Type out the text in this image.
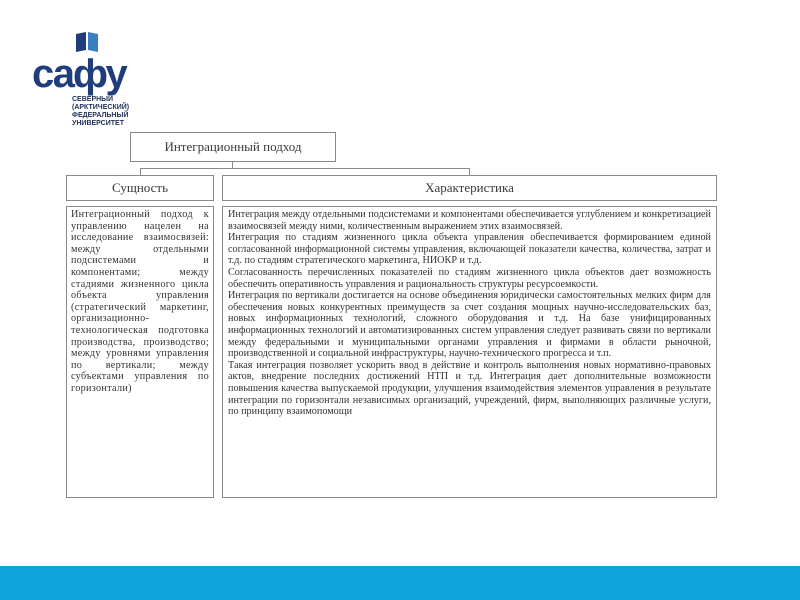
сафу
СЕВЕРНЫЙ
(АРКТИЧЕСКИЙ)
ФЕДЕРАЛЬНЫЙ
УНИВЕРСИТЕТ
Интеграционный подход
Сущность	Характеристика

Интеграционный подход к управлению нацелен на исследование взаимосвязей: между отдельными подсистемами и компонентами; между стадиями жизненного цикла объекта управления (стратегический маркетинг, организационно-технологическая подготовка производства, производство; между уровнями управления по вертикали; между субъектами управления по горизонтали)

Интеграция между отдельными подсистемами и компонентами обеспечивается углублением и конкретизацией взаимосвязей между ними, количественным выражением этих взаимосвязей.

Интеграция по стадиям жизненного цикла объекта управления обеспечивается формированием единой согласованной информационной системы управления, включающей показатели качества, количества, затрат и т.д. по стадиям стратегического маркетинга, НИОКР и т.д.

Согласованность перечисленных показателей по стадиям жизненного цикла объектов дает возможность обеспечить оперативность управления и рациональность структуры ресурсоемкости.

Интеграция по вертикали достигается на основе объединения юридически самостоятельных мелких фирм для обеспечения новых конкурентных преимуществ за счет создания мощных научно-исследовательских баз, новых информационных технологий, сложного оборудования и т.д. На базе унифицированных информационных технологий и автоматизированных систем управления следует развивать связи по вертикали между федеральными и муниципальными органами управления и фирмами в области рыночной, производственной и социальной инфраструктуры, научно-технического прогресса и т.п.

Такая интеграция позволяет ускорить ввод в действие и контроль выполнения новых нормативно-правовых актов, внедрение последних достижений НТП и т.д. Интеграция дает дополнительные возможности повышения качества выпускаемой продукции, улучшения взаимодействия элементов управления в результате интеграции по горизонтали независимых организаций, учреждений, фирм, выполняющих различные услуги, по принципу взаимопомощи
